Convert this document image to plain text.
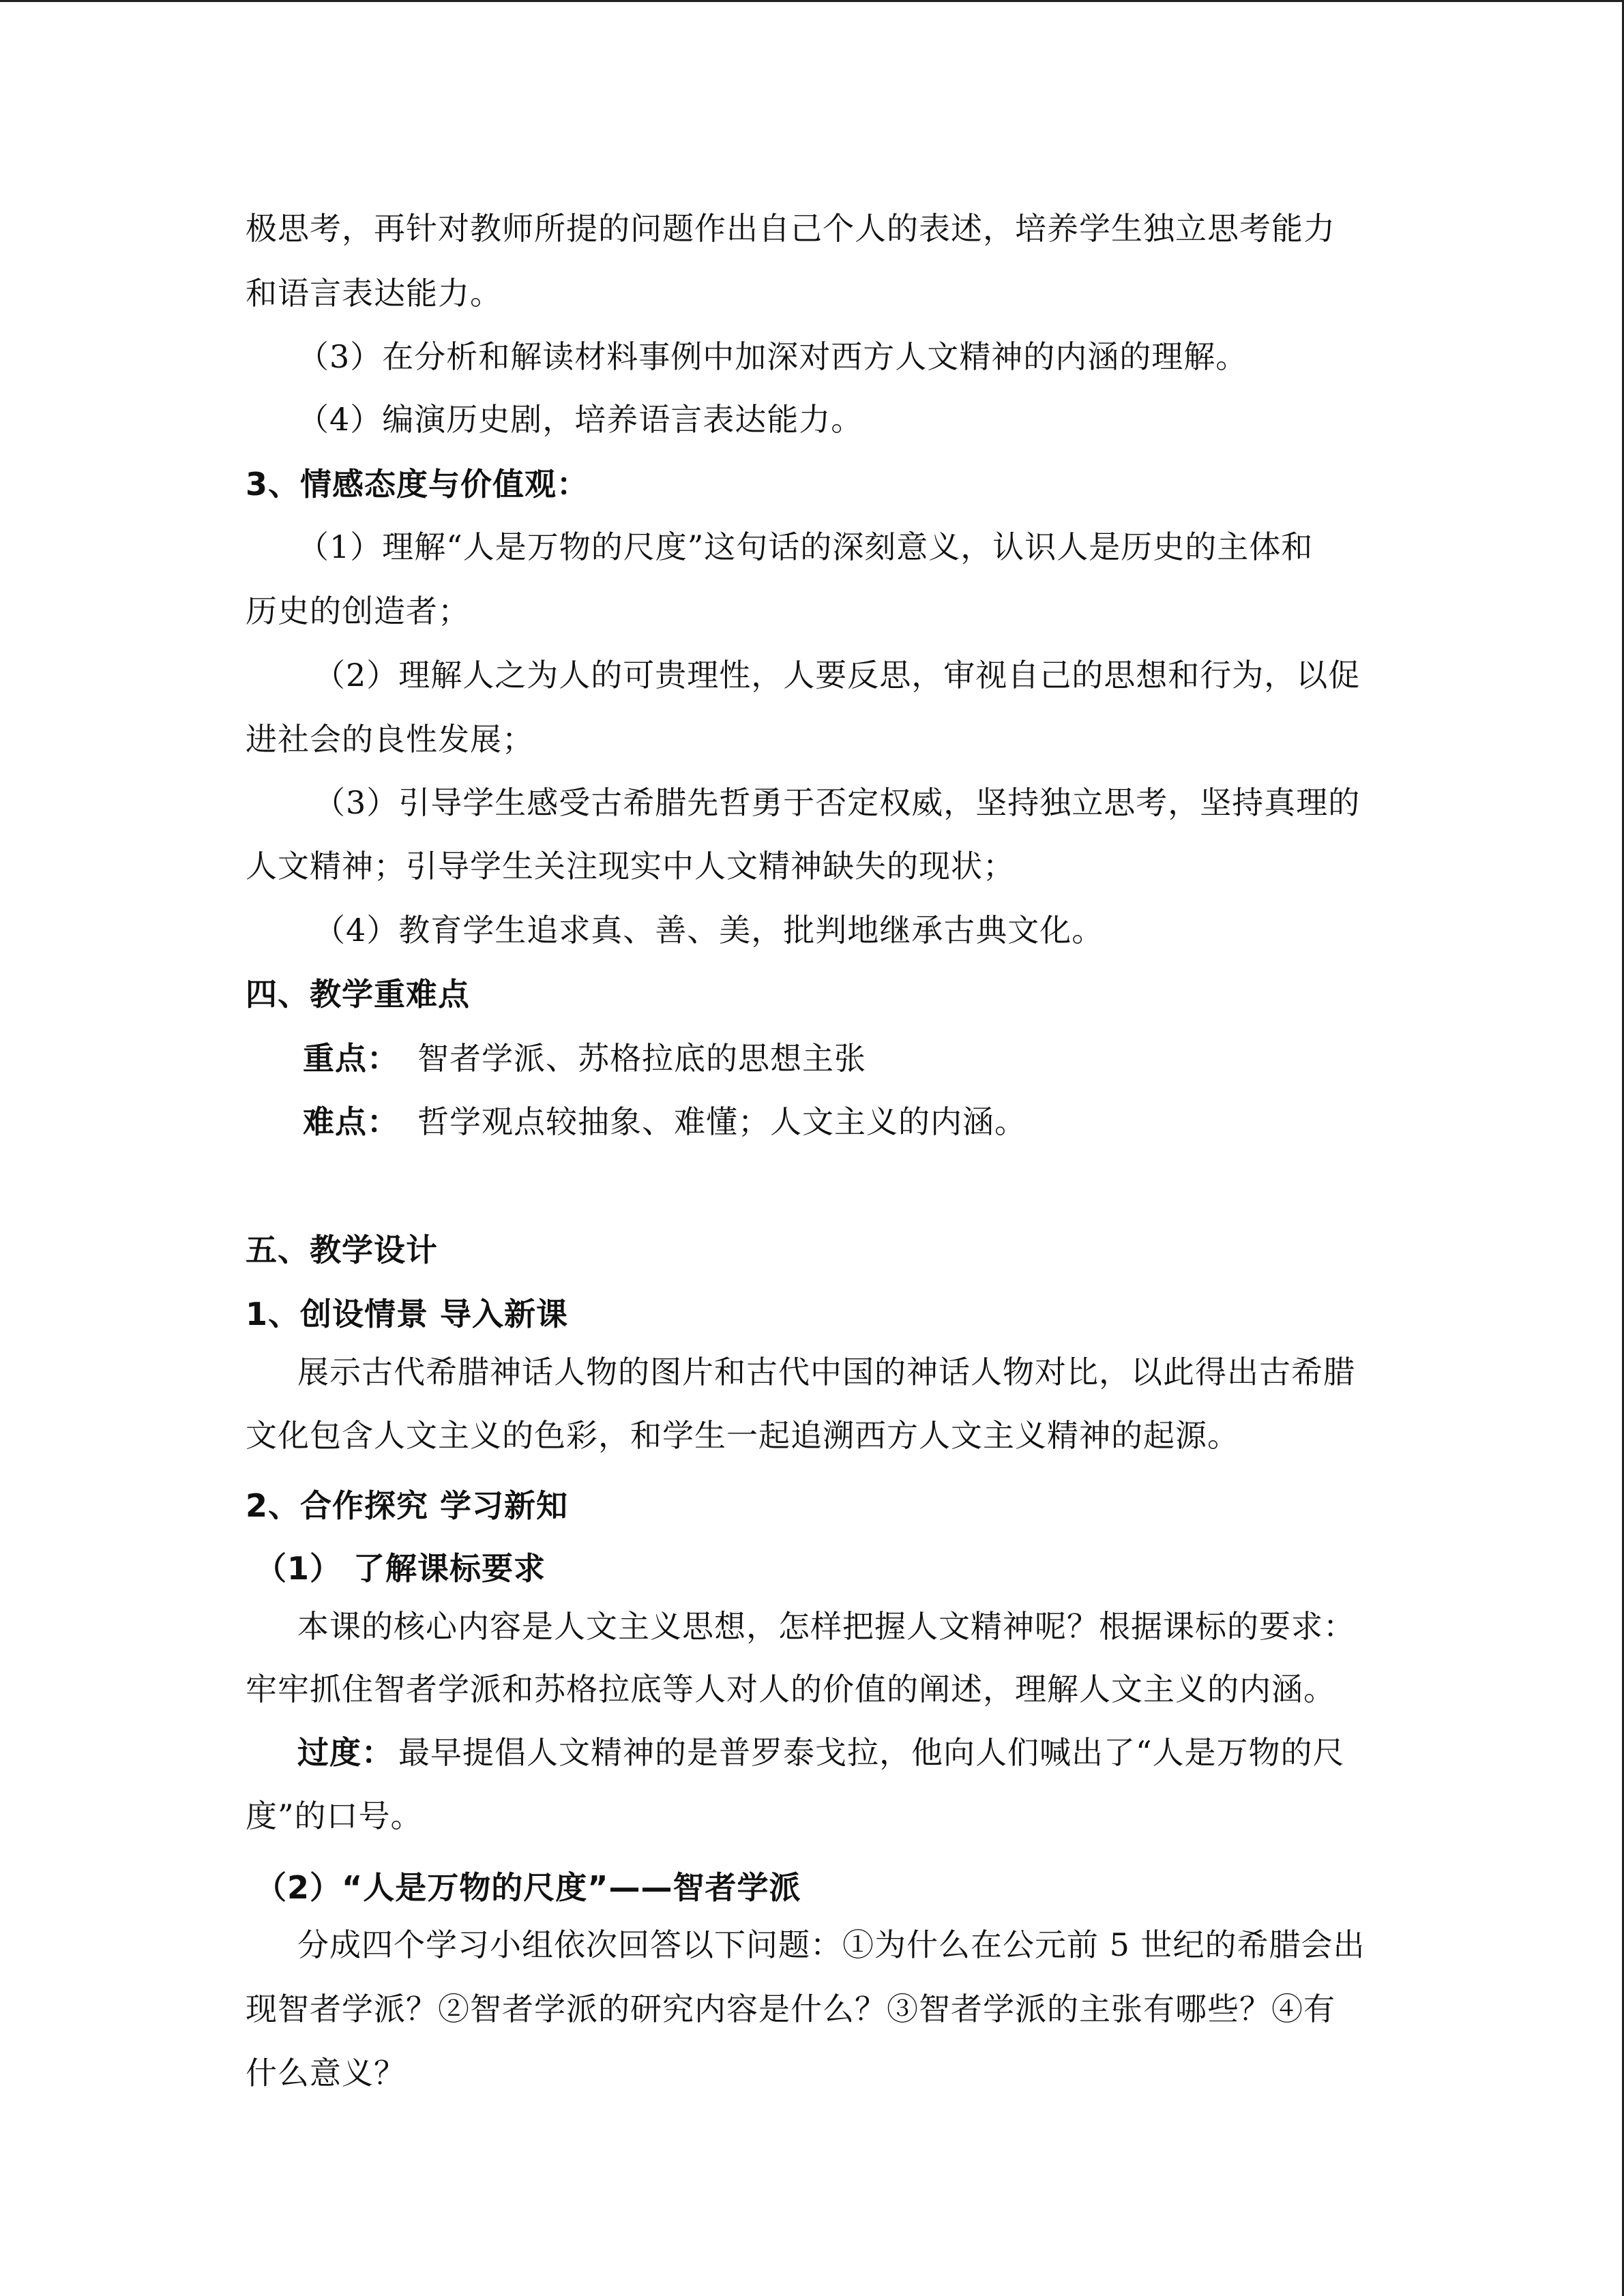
极思考，再针对教师所提的问题作出自己个人的表述，培养学生独立思考能力
和语言表达能力。
（3）在分析和解读材料事例中加深对西方人文精神的内涵的理解。
（4）编演历史剧，培养语言表达能力。
3、情感态度与价值观：
（1）理解“人是万物的尺度”这句话的深刻意义，认识人是历史的主体和
历史的创造者；
（2）理解人之为人的可贵理性，人要反思，审视自己的思想和行为，以促
进社会的良性发展；
（3）引导学生感受古希腊先哲勇于否定权威，坚持独立思考，坚持真理的
人文精神；引导学生关注现实中人文精神缺失的现状；
（4）教育学生追求真、善、美，批判地继承古典文化。
四、教学重难点
重点： 智者学派、苏格拉底的思想主张
难点： 哲学观点较抽象、难懂；人文主义的内涵。
五、教学设计
1、创设情景 导入新课
展示古代希腊神话人物的图片和古代中国的神话人物对比，以此得出古希腊
文化包含人文主义的色彩，和学生一起追溯西方人文主义精神的起源。
2、合作探究 学习新知
（1） 了解课标要求
本课的核心内容是人文主义思想，怎样把握人文精神呢？根据课标的要求：
牢牢抓住智者学派和苏格拉底等人对人的价值的阐述，理解人文主义的内涵。
过度： 最早提倡人文精神的是普罗泰戈拉，他向人们喊出了“人是万物的尺
度”的口号。
（2）“人是万物的尺度”——智者学派
分成四个学习小组依次回答以下问题：①为什么在公元前 5 世纪的希腊会出
现智者学派？②智者学派的研究内容是什么？③智者学派的主张有哪些？④有
什么意义？
